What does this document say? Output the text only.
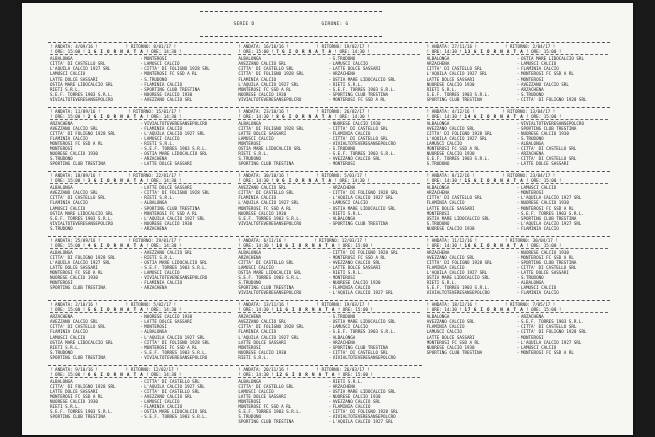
SERIE D	GIRONE: G
! ANDATA: 4/09/16 !           ! RITORNO: 8/01/17 !
! ORE: 15:00 ! 1 G I O R N A T A ! ORE: 14:30 !
ALBALONGA	- MONTEROSI
CITTA' DI CASTELLO SRL	- LAMUSCI CALCIO
L'AQUILA CALCIO 1927 SRL	- CITTA' DI FOLIGNO 1928 SRL
LAMUSCI CALCIO	- MONTEROSI FC SSD A RL
LATTE DOLCE SASSARI	- S.TRUDONO
OSTIA MARE LIDOCALCIO SRL	- FLAMINIA CALCIO
RIETI S.R.L.	- SPORTING CLUB TRESTINA
S.E.F. TORRES 1903 S.R.L.	- NUORESE CALCIO 1930
VIVIALTOTEVERESANSEPOLCRO	- AVEZZANO CALCIO SRL
! ANDATA: 16/10/16 !           ! RITORNO: 19/02/17 !
! ORE: 15:00 ! 7 G I O R N A T A ! ORE: 14:30 !
ALBALONGA	- S.TRUDONO
AVEZZANO CALCIO SRL	- LAMUSCI CALCIO
CITTA' DI CASTELLO SRL	- LATTE DOLCE SASSARI
CITTA' DI FOLIGNO 1928 SRL	- ARZACHENA
FLAMINIA CALCIO	- OSTIA MARE LIDOCALCIO SRL
L'AQUILA CALCIO 1927 SRL	- RIETI S.R.L.
MONTEROSI FC SSD A RL	- S.E.F. TORRES 1903 S.R.L.
NUORESE CALCIO 1930	- SPORTING CLUB TRESTINA
VIVIALTOTEVERESANSEPOLCRO	- MONTEROSI FC SSD A RL
! ANDATA: 27/11/16 !           ! RITORNO: 2/04/17 !
! ORE: 14:30 ! 13 G I O R N A T A ! ORE: 15:00 !
ALBALONGA	- OSTIA MARE LIDOCALCIO SRL
ARZACHENA	- LAMUSCI CALCIO
CITTA' DI CASTELLO SRL	- FLAMINIA CALCIO
L'AQUILA CALCIO 1927 SRL	- MONTEROSI FC SSD A RL
LATTE DOLCE SASSARI	- MONTEROSI
NUORESE CALCIO 1930	- AVEZZANO CALCIO SRL
RIETI S.R.L.	- ARZACHENA
S.E.F. TORRES 1903 S.R.L.	- S.TRUDONO
SPORTING CLUB TRESTINA	- CITTA' DI FOLIGNO 1928 SRL
! ANDATA: 11/09/16 !           ! RITORNO: 15/01/17 !
! ORE: 15:00 ! 2 G I O R N A T A ! ORE: 14:30 !
ARZACHENA	- VIVIALTOTEVERESANSEPOLCRO
AVEZZANO CALCIO SRL	- FLAMINIA CALCIO
CITTA' DI FOLIGNO 1928 SRL	- L'AQUILA CALCIO 1927 SRL
FLAMINIA CALCIO	- LAMUSCI CALCIO
MONTEROSI FC SSD A RL	- RIETI S.R.L.
MONTEROSI	- S.E.F. TORRES 1903 S.R.L.
NUORESE CALCIO 1930	- OSTIA MARE LIDOCALCIO SRL
S.TRUDONO	- ARZACHENA
SPORTING CLUB TRESTINA	- LATTE DOLCE SASSARI
! ANDATA: 23/10/16 !           ! RITORNO: 26/02/17 !
! ORE: 14:30 ! 8 G I O R N A T A ! ORE: 14:30 !
ALBALONGA	- NUORESE CALCIO 1930
CITTA' DI FOLIGNO 1928 SRL	- CITTA' DI CASTELLO SRL
LATTE DOLCE SASSARI	- FLAMINIA CALCIO
LAMUSCI CALCIO	- CITTA' DI CASTELLO SRL
MONTEROSI	- VIVIALTOTEVERESANSEPOLCRO
OSTIA MARE LIDOCALCIO SRL	- S.TRUDONO
RIETI S.R.L.	- S.E.F. TORRES 1903 S.R.L.
S.TRUDONO	- AVEZZANO CALCIO SRL
SPORTING CLUB TRESTINA	- MONTEROSI
! ANDATA: 4/12/16 !           ! RITORNO: 13/04/17 !
! ORE: 14:30 ! 14 G I O R N A T A ! ORE: 15:00 !
ALBALONGA	- VIVIALTOTEVERESANSEPOLCRO
AVEZZANO CALCIO SRL	- SPORTING CLUB TRESTINA
CITTA' DI FOLIGNO 1928 SRL	- NUORESE CALCIO 1930
L'AQUILA CALCIO 1927 SRL	- S.TRUDONO
LAMUSCI CALCIO	- ALBALONGA
MONTEROSI FC SSD A RL	- CITTA' DI CASTELLO SRL
NUORESE CALCIO 1930	- ARZACHENA
S.E.F. TORRES 1903 S.R.L.	- CITTA' DI CASTELLO SRL
S.TRUDONO	- LATTE DOLCE SASSARI
! ANDATA: 18/09/16 !           ! RITORNO: 22/01/17 !
! ORE: 15:00 ! 3 G I O R N A T A ! ORE: 14:30 !
ALBALONGA	- LATTE DOLCE SASSARI
AVEZZANO CALCIO SRL	- CITTA' DI FOLIGNO 1928 SRL
CITTA' DI CASTELLO SRL	- RIETI S.R.L.
FLAMINIA CALCIO	- ALBALONGA
LAMUSCI CALCIO	- SPORTING CLUB TRESTINA
OSTIA MARE LIDOCALCIO SRL	- MONTEROSI FC SSD A RL
S.E.F. TORRES 1903 S.R.L.	- L'AQUILA CALCIO 1927 SRL
VIVIALTOTEVERESANSEPOLCRO	- NUORESE CALCIO 1930
S.TRUDONO	- ARZACHENA
! ANDATA: 30/10/16 !           ! RITORNO: 5/03/17 !
! ORE: 14:30 ! 9 G I O R N A T A ! ORE: 14:30 !
AVEZZANO CALCIO SRL	- ARZACHENA
CITTA' DI CASTELLO SRL	- CITTA' DI FOLIGNO 1928 SRL
FLAMINIA CALCIO	- L'AQUILA CALCIO 1927 SRL
L'AQUILA CALCIO 1927 SRL	- LAMUSCI CALCIO
MONTEROSI FC SSD A RL	- OSTIA MARE LIDOCALCIO SRL
NUORESE CALCIO 1930	- RIETI S.R.L.
S.E.F. TORRES 1903 S.R.L.	- ALBALONGA
VIVIALTOTEVERESANSEPOLCRO	- SPORTING CLUB TRESTINA
! ANDATA: 8/12/16 !           ! RITORNO: 23/04/17 !
! ORE: 14:30 ! 15 G I O R N A T A ! ORE: 15:00 !
ALBALONGA	- LAMUSCI CALCIO
ARZACHENA	- MONTEROSI
CITTA' DI CASTELLO SRL	- L'AQUILA CALCIO 1927 SRL
FLAMINIA CALCIO	- NUORESE CALCIO 1930
LATTE DOLCE SASSARI	- MONTEROSI FC SSD A RL
MONTEROSI	- S.E.F. TORRES 1903 S.R.L.
OSTIA MARE LIDOCALCIO SRL	- SPORTING CLUB TRESTINA
S.TRUDONO	- L'AQUILA CALCIO 1927 SRL
NUORESE CALCIO 1930	- FLAMINIA CALCIO
! ANDATA: 25/09/16 !           ! RITORNO: 29/01/17 !
! ORE: 15:00 ! 4 G I O R N A T A ! ORE: 14:30 !
ALBALONGA	- AVEZZANO CALCIO SRL
CITTA' DI FOLIGNO 1928 SRL	- RIETI S.R.L.
L'AQUILA CALCIO 1927 SRL	- OSTIA MARE LIDOCALCIO SRL
LATTE DOLCE SASSARI	- S.E.F. TORRES 1903 S.R.L.
MONTEROSI FC SSD A RL	- LAMUSCI CALCIO
NUORESE CALCIO 1930	- VIVIALTOTEVERESANSEPOLCRO
MONTEROSI	- FLAMINIA CALCIO
SPORTING CLUB TRESTINA	- ARZACHENA
! ANDATA: 6/11/16 !           ! RITORNO: 12/03/17 !
! ORE: 14:30 ! 10 G I O R N A T A ! ORE: 15:00 !
ALBALONGA	- CITTA' DI FOLIGNO 1928 SRL
ARZACHENA	- MONTEROSI FC SSD A RL
CITTA' DI CASTELLO SRL	- AVEZZANO CALCIO SRL
LAMUSCI CALCIO	- LATTE DOLCE SASSARI
OSTIA MARE LIDOCALCIO SRL	- RIETI S.R.L.
S.E.F. TORRES 1903 S.R.L.	- MONTEROSI
S.TRUDONO	- NUORESE CALCIO 1930
SPORTING CLUB TRESTINA	- FLAMINIA CALCIO
VIVIALTOTEVERESANSEPOLCRO	- L'AQUILA CALCIO 1927 SRL
! ANDATA: 11/12/16 !           ! RITORNO: 30/04/17 !
! ORE: 14:30 ! 16 G I O R N A T A ! ORE: 15:00 !
ARZACHENA	- NUORESE CALCIO 1930
AVEZZANO CALCIO SRL	- MONTEROSI FC SSD A RL
CITTA' DI FOLIGNO 1928 SRL	- SPORTING CLUB TRESTINA
FLAMINIA CALCIO	- CITTA' DI CASTELLO SRL
L'AQUILA CALCIO 1927 SRL	- LATTE DOLCE SASSARI
OSTIA MARE LIDOCALCIO SRL	- S.TRUDONO
RIETI S.R.L.	- ALBALONGA
S.E.F. TORRES 1903 S.R.L.	- LAMUSCI CALCIO
VIVIALTOTEVERESANSEPOLCRO	- FLAMINIA CALCIO
! ANDATA: 2/10/16 !           ! RITORNO: 5/02/17 !
! ORE: 15:00 ! 5 G I O R N A T A ! ORE: 14:30 !
ARZACHENA	- NUORESE CALCIO 1930
AVEZZANO CALCIO SRL	- LATTE DOLCE SASSARI
CITTA' DI CASTELLO SRL	- MONTEROSI
FLAMINIA CALCIO	- ALBALONGA
LAMUSCI CALCIO	- L'AQUILA CALCIO 1927 SRL
OSTIA MARE LIDOCALCIO SRL	- CITTA' DI FOLIGNO 1928 SRL
RIETI S.R.L.	- MONTEROSI FC SSD A RL
S.TRUDONO	- S.E.F. TORRES 1903 S.R.L.
SPORTING CLUB TRESTINA	- VIVIALTOTEVERESANSEPOLCRO
! ANDATA: 13/11/16 !           ! RITORNO: 19/03/17 !
! ORE: 14:30 ! 11 G I O R N A T A ! ORE: 15:00 !
ARZACHENA	- S.TRUDONO
AVEZZANO CALCIO SRL	- OSTIA MARE LIDOCALCIO SRL
CITTA' DI FOLIGNO 1928 SRL	- LAMUSCI CALCIO
FLAMINIA CALCIO	- S.E.F. TORRES 1903 S.R.L.
L'AQUILA CALCIO 1927 SRL	- ALBALONGA
LATTE DOLCE SASSARI	- ARZACHENA
MONTEROSI	- SPORTING CLUB TRESTINA
NUORESE CALCIO 1930	- CITTA' DI CASTELLO SRL
RIETI S.R.L.	- VIVIALTOTEVERESANSEPOLCRO
! ANDATA: 18/12/16 !           ! RITORNO: 7/05/17 !
! ORE: 14:30 ! 17 G I O R N A T A ! ORE: 15:00 !
ALBALONGA	- ARZACHENA
AVEZZANO CALCIO SRL	- S.E.F. TORRES 1903 S.R.L.
FLAMINIA CALCIO	- CITTA' DI CASTELLO SRL
LAMUSCI CALCIO	- CITTA' DI FOLIGNO 1928 SRL
LATTE DOLCE SASSARI	- MONTEROSI
MONTEROSI FC SSD A RL	- L'AQUILA CALCIO 1927 SRL
NUORESE CALCIO 1930	- LAMUSCI CALCIO
SPORTING CLUB TRESTINA	- MONTEROSI FC SSD A RL
! ANDATA: 9/10/16 !           ! RITORNO: 12/02/17 !
! ORE: 15:00 ! 6 G I O R N A T A ! ORE: 14:30 !
ALBALONGA	- CITTA' DI CASTELLO SRL
CITTA' DI FOLIGNO 1928 SRL	- L'AQUILA CALCIO 1927 SRL
LATTE DOLCE SASSARI	- CITTA' DI CASTELLO SRL
MONTEROSI FC SSD A RL	- AVEZZANO CALCIO SRL
NUORESE CALCIO 1930	- LAMUSCI CALCIO
RIETI S.R.L.	- FLAMINIA CALCIO
S.E.F. TORRES 1903 S.R.L.	- OSTIA MARE LIDOCALCIO SRL
SPORTING CLUB TRESTINA	- S.E.F. TORRES 1903 S.R.L.
! ANDATA: 20/11/16 !           ! RITORNO: 26/03/17 !
! ORE: 14:30 ! 12 G I O R N A T A ! ORE: 15:00 !
ALBALONGA	- RIETI S.R.L.
CITTA' DI CASTELLO SRL	- ARZACHENA
LAMUSCI CALCIO	- OSTIA MARE LIDOCALCIO SRL
LATTE DOLCE SASSARI	- NUORESE CALCIO 1930
MONTEROSI	- AVEZZANO CALCIO SRL
MONTEROSI FC SSD A RL	- FLAMINIA CALCIO
S.E.F. TORRES 1903 S.R.L.	- CITTA' DI FOLIGNO 1928 SRL
S.TRUDONO	- VIVIALTOTEVERESANSEPOLCRO
SPORTING CLUB TRESTINA	- L'AQUILA CALCIO 1927 SRL
